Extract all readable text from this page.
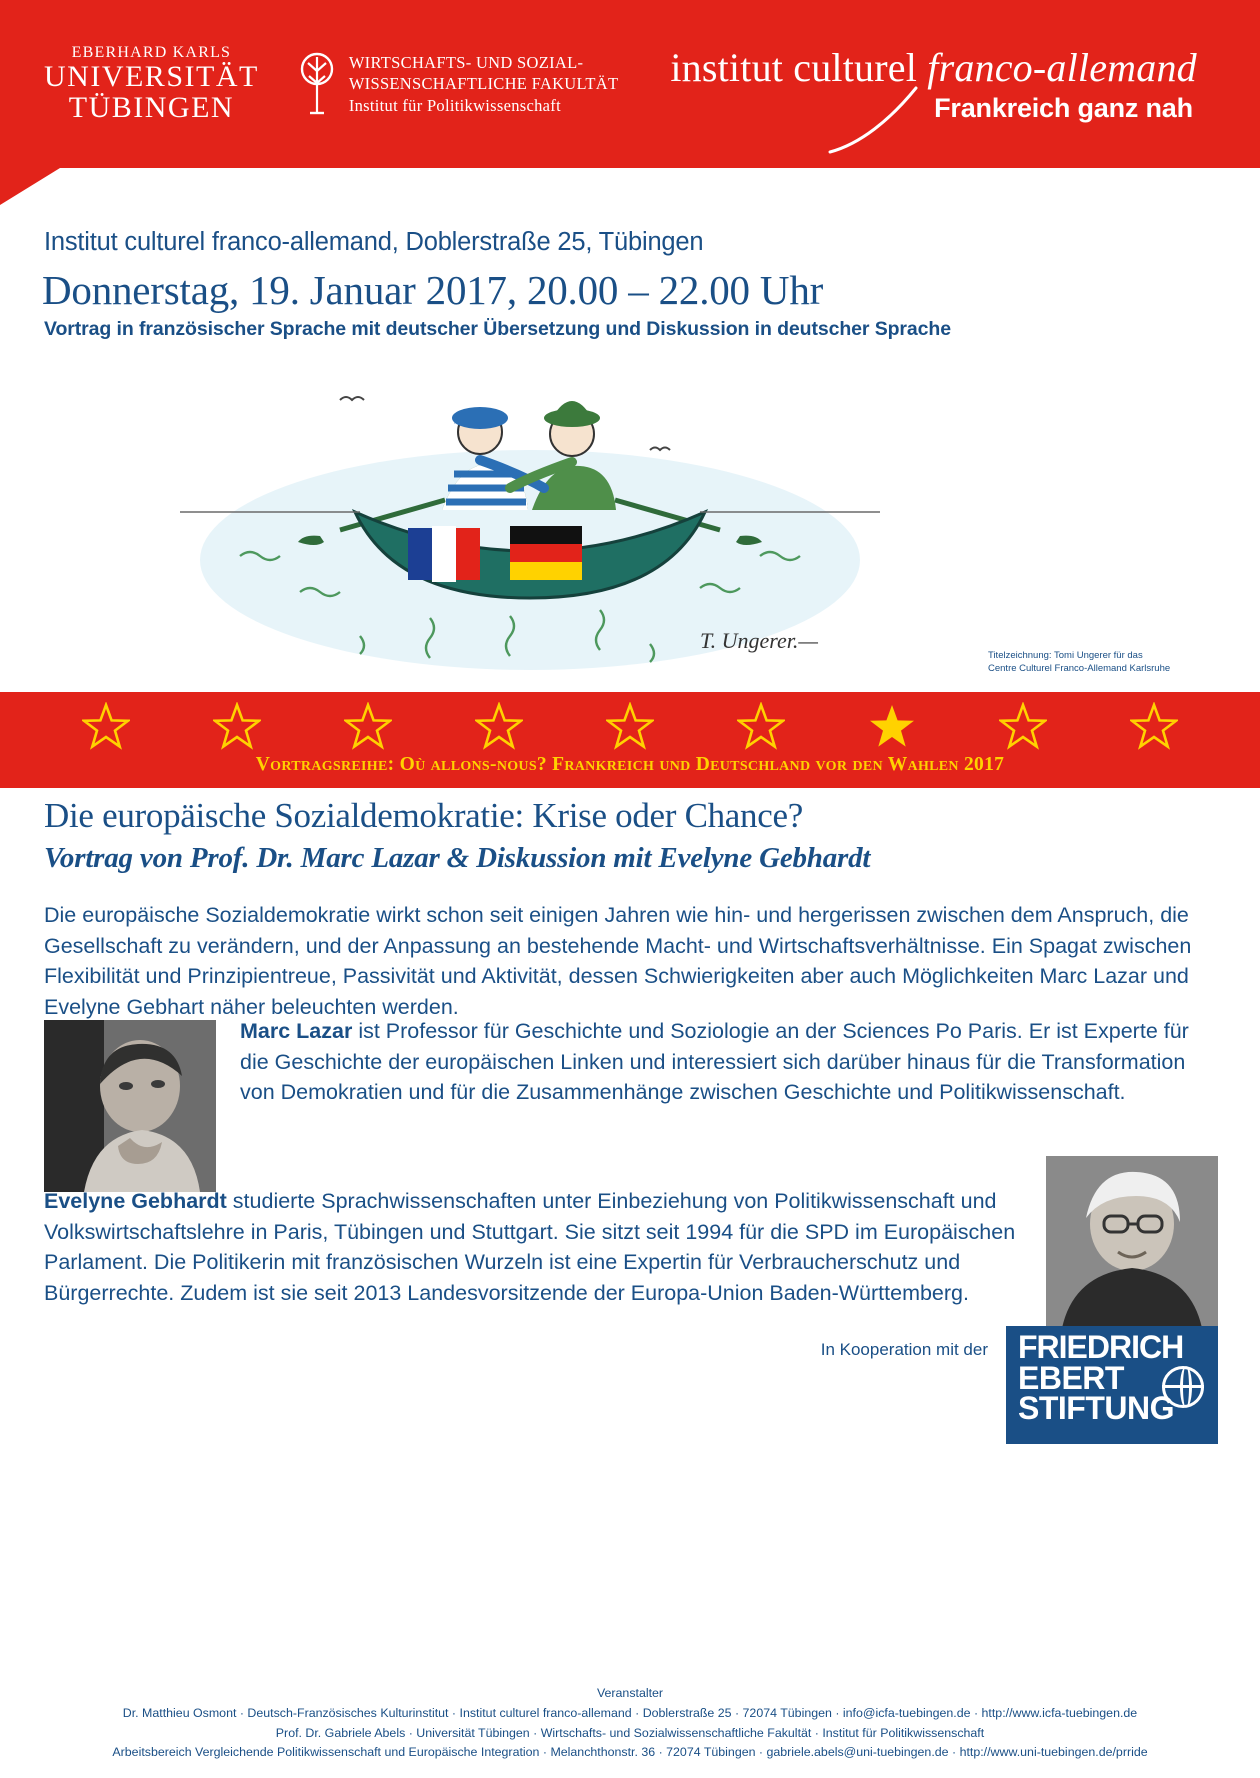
EBERHARD KARLS
UNIVERSITÄT
TÜBINGEN
WIRTSCHAFTS- UND SOZIAL-
WISSENSCHAFTLICHE FAKULTÄT
Institut für Politikwissenschaft
institut culturel franco-allemand
Frankreich ganz nah
Institut culturel franco-allemand, Doblerstraße 25, Tübingen
Donnerstag, 19. Januar 2017, 20.00 – 22.00 Uhr
Vortrag in französischer Sprache mit deutscher Übersetzung und Diskussion in deutscher Sprache
T. Ungerer.—
Titelzeichnung: Tomi Ungerer für das
Centre Culturel Franco-Allemand Karlsruhe
Vortragsreihe: Où allons-nous? Frankreich und Deutschland vor den Wahlen 2017
Die europäische Sozialdemokratie: Krise oder Chance?
Vortrag von Prof. Dr. Marc Lazar & Diskussion mit Evelyne Gebhardt
Die europäische Sozialdemokratie wirkt schon seit einigen Jahren wie hin- und hergerissen zwischen dem Anspruch, die Gesellschaft zu verändern, und der Anpassung an bestehende Macht- und Wirtschaftsverhältnisse. Ein Spagat zwischen Flexibilität und Prinzipientreue, Passivität und Aktivität, dessen Schwierigkeiten aber auch Möglichkeiten Marc Lazar und Evelyne Gebhart näher beleuchten werden.
Marc Lazar ist Professor für Geschichte und Soziologie an der Sciences Po Paris. Er ist Experte für die Geschichte der europäischen Linken und interessiert sich darüber hinaus für die Transformation von Demokratien und für die Zusammenhänge zwischen Geschichte und Politikwissenschaft.
Evelyne Gebhardt studierte Sprachwissenschaften unter Einbeziehung von Politikwissenschaft und Volkswirtschaftslehre in Paris, Tübingen und Stuttgart. Sie sitzt seit 1994 für die SPD im Europäischen Parlament. Die Politikerin mit französischen Wurzeln ist eine Expertin für Verbraucherschutz und Bürgerrechte. Zudem ist sie seit 2013 Landesvorsitzende der Europa-Union Baden-Württemberg.
In Kooperation mit der FRIEDRICH
EBERT
STIFTUNG
Veranstalter
Dr. Matthieu Osmont · Deutsch-Französisches Kulturinstitut · Institut culturel franco-allemand · Doblerstraße 25 · 72074 Tübingen · info@icfa-tuebingen.de · http://www.icfa-tuebingen.de
Prof. Dr. Gabriele Abels · Universität Tübingen · Wirtschafts- und Sozialwissenschaftliche Fakultät · Institut für Politikwissenschaft
Arbeitsbereich Vergleichende Politikwissenschaft und Europäische Integration · Melanchthonstr. 36 · 72074 Tübingen · gabriele.abels@uni-tuebingen.de · http://www.uni-tuebingen.de/prride
